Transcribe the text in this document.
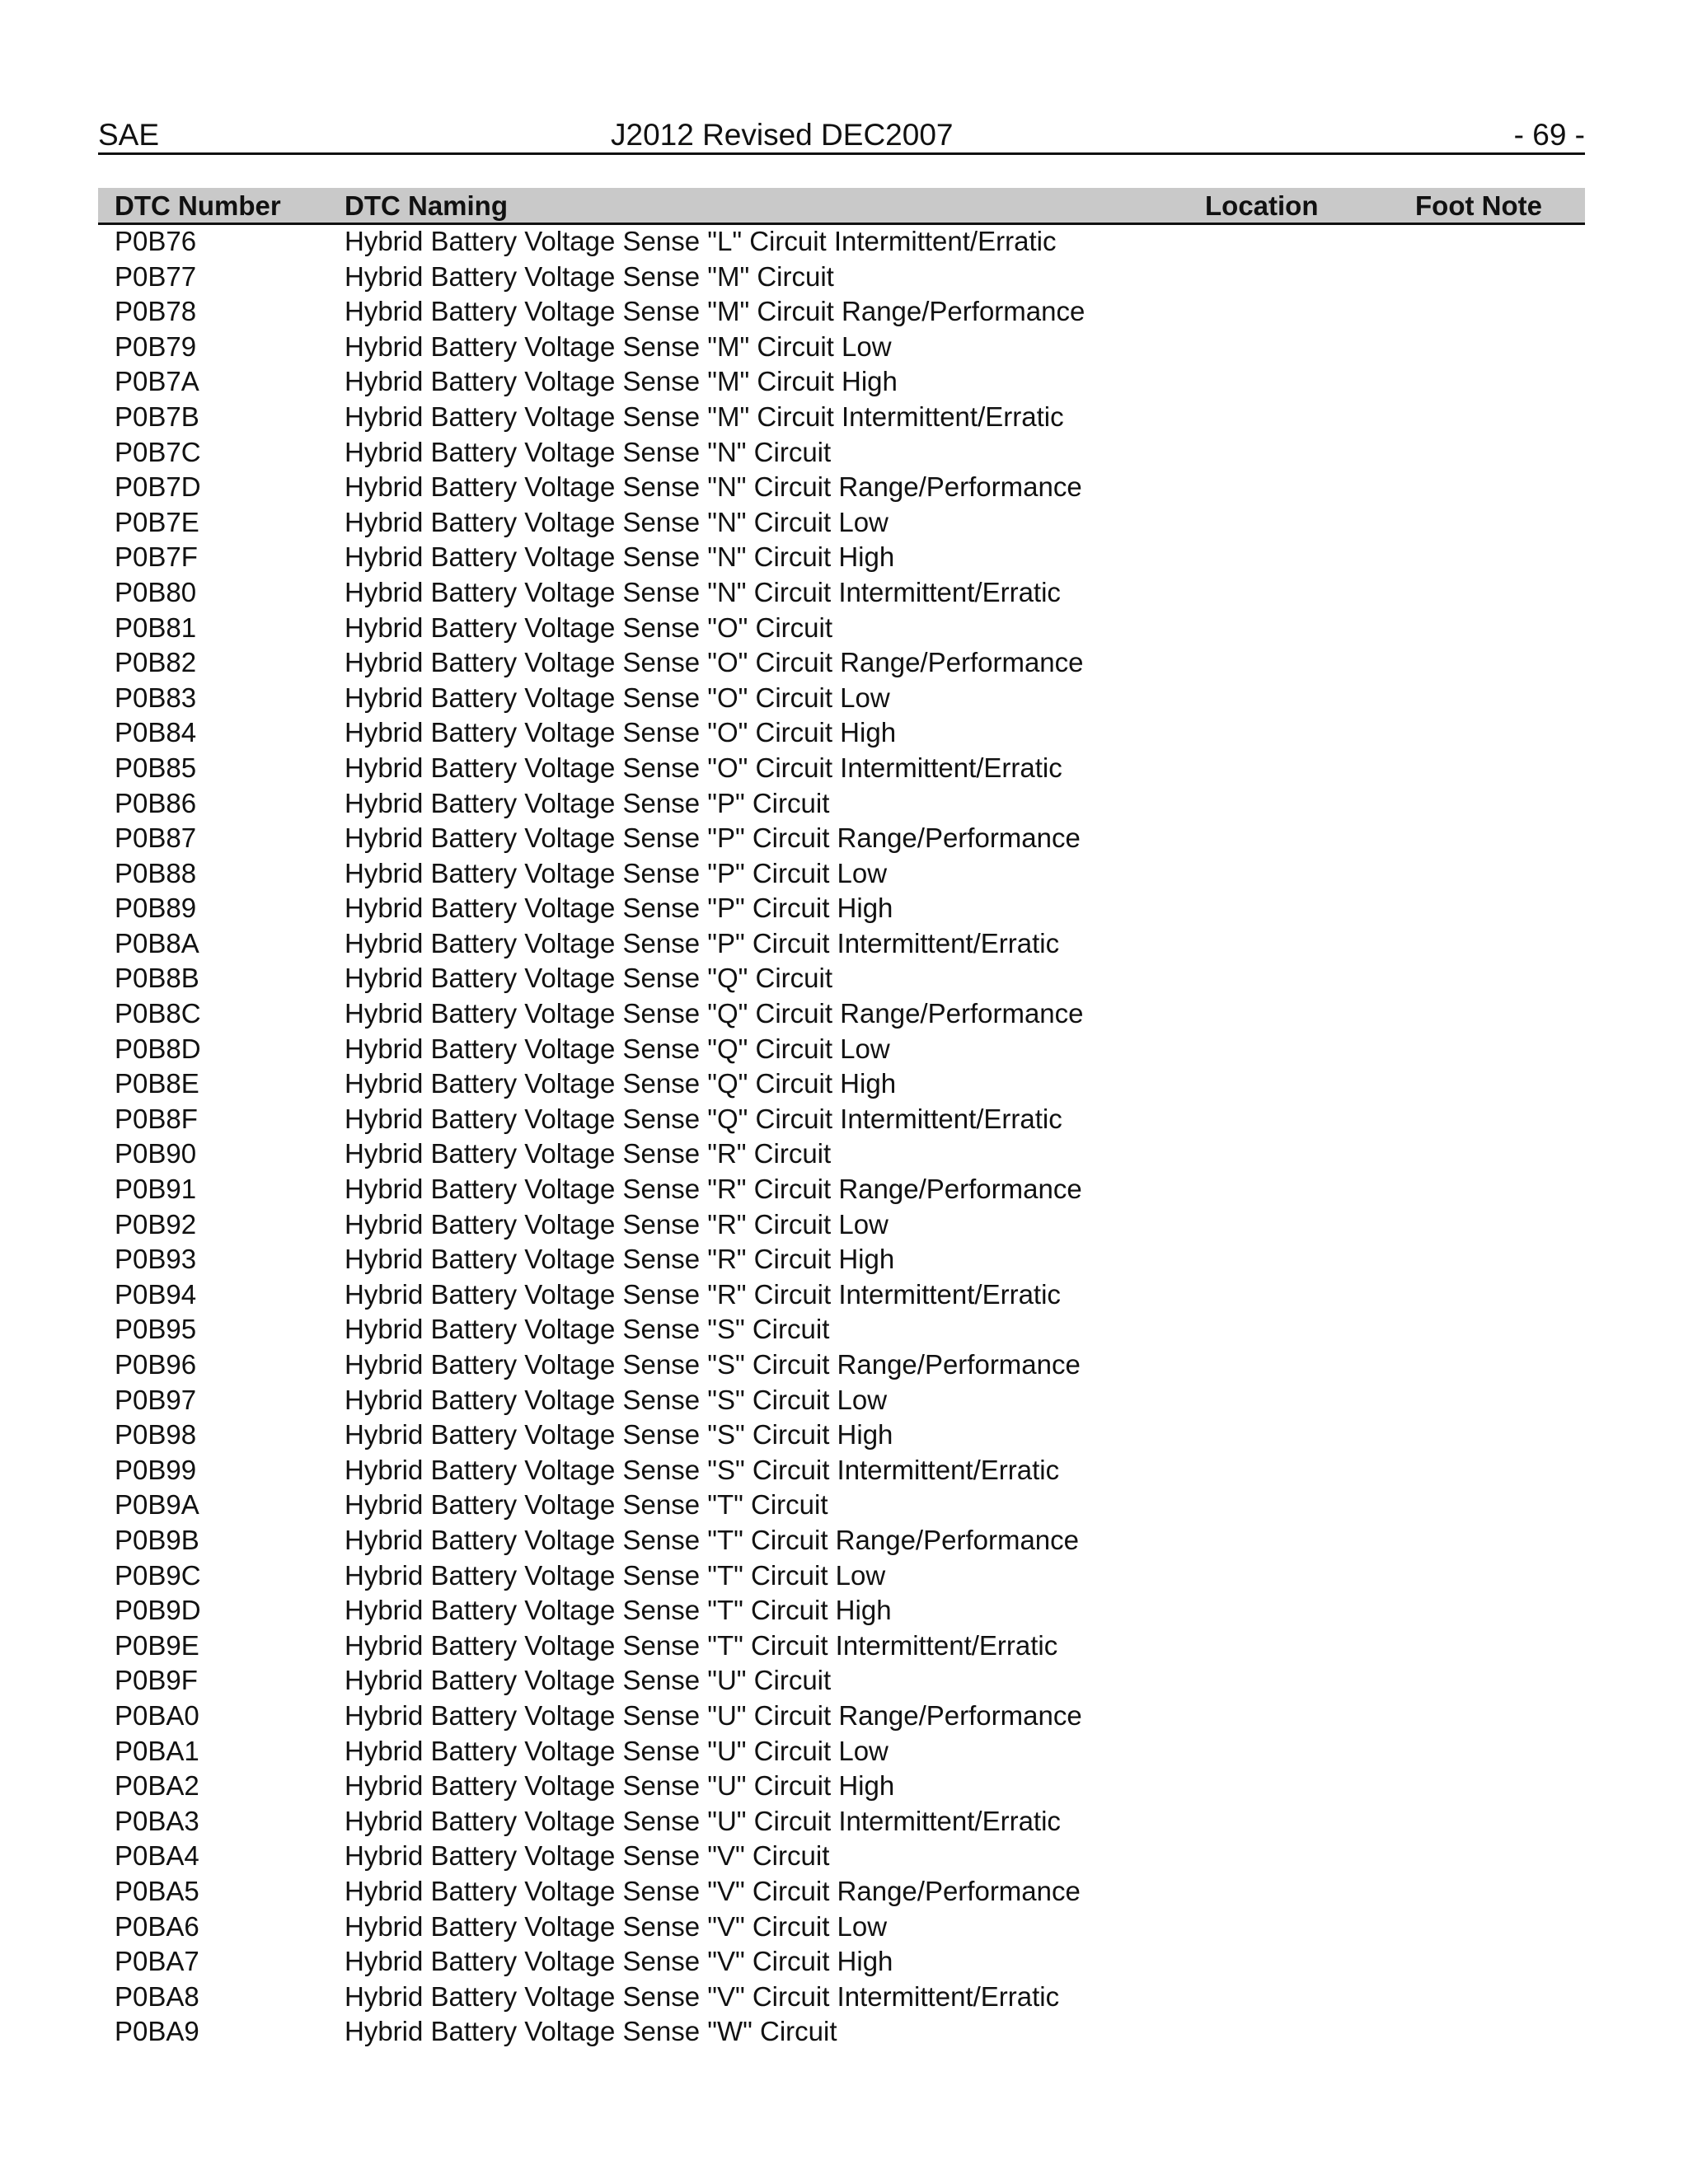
SAE	J2012 Revised DEC2007	- 69 -
DTC Number DTC Naming	Location	Foot Note
P0B76	Hybrid Battery Voltage Sense "L" Circuit Intermittent/Erratic
P0B77	Hybrid Battery Voltage Sense "M" Circuit
P0B78	Hybrid Battery Voltage Sense "M" Circuit Range/Performance
P0B79	Hybrid Battery Voltage Sense "M" Circuit Low
P0B7A	Hybrid Battery Voltage Sense "M" Circuit High
P0B7B	Hybrid Battery Voltage Sense "M" Circuit Intermittent/Erratic
P0B7C	Hybrid Battery Voltage Sense "N" Circuit
P0B7D	Hybrid Battery Voltage Sense "N" Circuit Range/Performance
P0B7E	Hybrid Battery Voltage Sense "N" Circuit Low
P0B7F	Hybrid Battery Voltage Sense "N" Circuit High
P0B80	Hybrid Battery Voltage Sense "N" Circuit Intermittent/Erratic
P0B81	Hybrid Battery Voltage Sense "O" Circuit
P0B82	Hybrid Battery Voltage Sense "O" Circuit Range/Performance
P0B83	Hybrid Battery Voltage Sense "O" Circuit Low
P0B84	Hybrid Battery Voltage Sense "O" Circuit High
P0B85	Hybrid Battery Voltage Sense "O" Circuit Intermittent/Erratic
P0B86	Hybrid Battery Voltage Sense "P" Circuit
P0B87	Hybrid Battery Voltage Sense "P" Circuit Range/Performance
P0B88	Hybrid Battery Voltage Sense "P" Circuit Low
P0B89	Hybrid Battery Voltage Sense "P" Circuit High
P0B8A	Hybrid Battery Voltage Sense "P" Circuit Intermittent/Erratic
P0B8B	Hybrid Battery Voltage Sense "Q" Circuit
P0B8C	Hybrid Battery Voltage Sense "Q" Circuit Range/Performance
P0B8D	Hybrid Battery Voltage Sense "Q" Circuit Low
P0B8E	Hybrid Battery Voltage Sense "Q" Circuit High
P0B8F	Hybrid Battery Voltage Sense "Q" Circuit Intermittent/Erratic
P0B90	Hybrid Battery Voltage Sense "R" Circuit
P0B91	Hybrid Battery Voltage Sense "R" Circuit Range/Performance
P0B92	Hybrid Battery Voltage Sense "R" Circuit Low
P0B93	Hybrid Battery Voltage Sense "R" Circuit High
P0B94	Hybrid Battery Voltage Sense "R" Circuit Intermittent/Erratic
P0B95	Hybrid Battery Voltage Sense "S" Circuit
P0B96	Hybrid Battery Voltage Sense "S" Circuit Range/Performance
P0B97	Hybrid Battery Voltage Sense "S" Circuit Low
P0B98	Hybrid Battery Voltage Sense "S" Circuit High
P0B99	Hybrid Battery Voltage Sense "S" Circuit Intermittent/Erratic
P0B9A	Hybrid Battery Voltage Sense "T" Circuit
P0B9B	Hybrid Battery Voltage Sense "T" Circuit Range/Performance
P0B9C	Hybrid Battery Voltage Sense "T" Circuit Low
P0B9D	Hybrid Battery Voltage Sense "T" Circuit High
P0B9E	Hybrid Battery Voltage Sense "T" Circuit Intermittent/Erratic
P0B9F	Hybrid Battery Voltage Sense "U" Circuit
P0BA0	Hybrid Battery Voltage Sense "U" Circuit Range/Performance
P0BA1	Hybrid Battery Voltage Sense "U" Circuit Low
P0BA2	Hybrid Battery Voltage Sense "U" Circuit High
P0BA3	Hybrid Battery Voltage Sense "U" Circuit Intermittent/Erratic
P0BA4	Hybrid Battery Voltage Sense "V" Circuit
P0BA5	Hybrid Battery Voltage Sense "V" Circuit Range/Performance
P0BA6	Hybrid Battery Voltage Sense "V" Circuit Low
P0BA7	Hybrid Battery Voltage Sense "V" Circuit High
P0BA8	Hybrid Battery Voltage Sense "V" Circuit Intermittent/Erratic
P0BA9	Hybrid Battery Voltage Sense "W" Circuit
